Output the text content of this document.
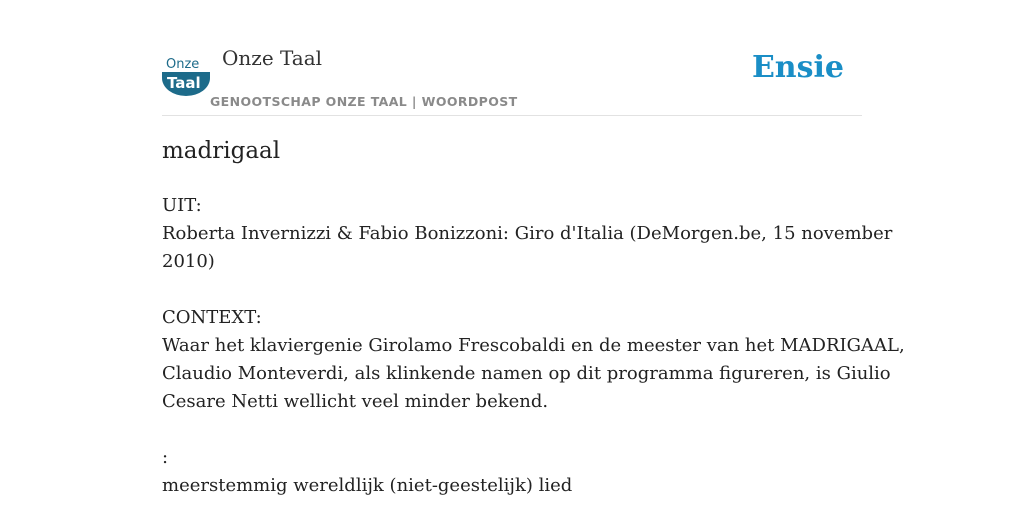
Onze
Taal
Onze Taal
GENOOTSCHAP ONZE TAAL | WOORDPOST
Ensie
madrigaal
UIT:
Roberta Invernizzi & Fabio Bonizzoni: Giro d'Italia (DeMorgen.be, 15 november
2010)
CONTEXT:
Waar het klaviergenie Girolamo Frescobaldi en de meester van het MADRIGAAL,
Claudio Monteverdi, als klinkende namen op dit programma figureren, is Giulio
Cesare Netti wellicht veel minder bekend.
:
meerstemmig wereldlijk (niet-geestelijk) lied
